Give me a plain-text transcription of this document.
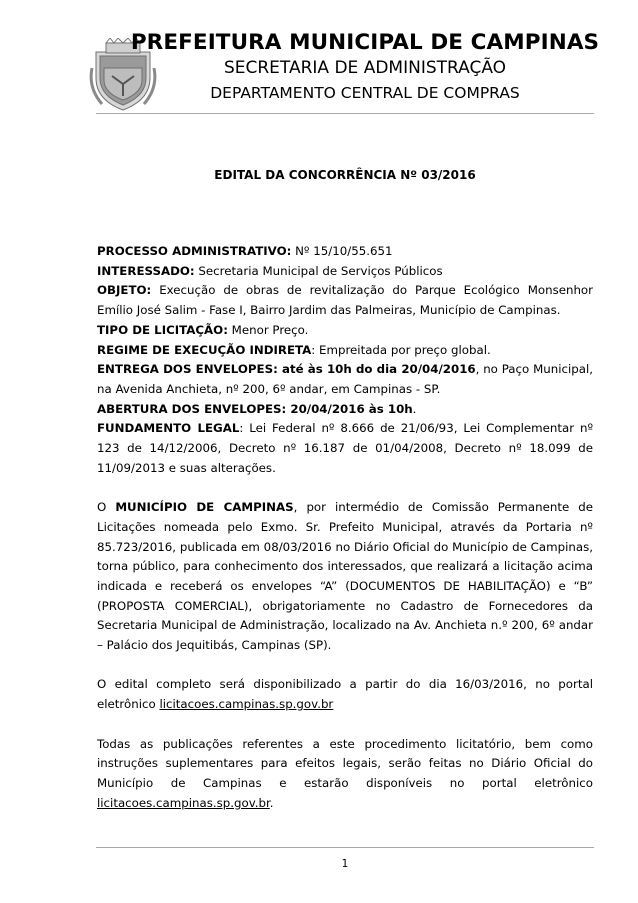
PREFEITURA MUNICIPAL DE CAMPINAS
SECRETARIA DE ADMINISTRAÇÃO
DEPARTAMENTO CENTRAL DE COMPRAS
EDITAL DA CONCORRÊNCIA Nº 03/2016

PROCESSO ADMINISTRATIVO: Nº 15/10/55.651

INTERESSADO: Secretaria Municipal de Serviços Públicos

OBJETO: Execução de obras de revitalização do Parque Ecológico Monsenhor Emílio José Salim - Fase I, Bairro Jardim das Palmeiras, Município de Campinas.

TIPO DE LICITAÇÃO: Menor Preço.

REGIME DE EXECUÇÃO INDIRETA: Empreitada por preço global.

ENTREGA DOS ENVELOPES: até às 10h do dia 20/04/2016, no Paço Municipal, na Avenida Anchieta, nº 200, 6º andar, em Campinas - SP.

ABERTURA DOS ENVELOPES: 20/04/2016 às 10h.

FUNDAMENTO LEGAL: Lei Federal nº 8.666 de 21/06/93, Lei Complementar nº 123 de 14/12/2006, Decreto nº 16.187 de 01/04/2008, Decreto nº 18.099 de 11/09/2013 e suas alterações.

O MUNICÍPIO DE CAMPINAS, por intermédio de Comissão Permanente de Licitações nomeada pelo Exmo. Sr. Prefeito Municipal, através da Portaria nº 85.723/2016, publicada em 08/03/2016 no Diário Oficial do Município de Campinas, torna público, para conhecimento dos interessados, que realizará a licitação acima indicada e receberá os envelopes “A” (DOCUMENTOS DE HABILITAÇÃO) e “B” (PROPOSTA COMERCIAL), obrigatoriamente no Cadastro de Fornecedores da Secretaria Municipal de Administração, localizado na Av. Anchieta n.º 200, 6º andar – Palácio dos Jequitibás, Campinas (SP).

O edital completo será disponibilizado a partir do dia 16/03/2016, no portal eletrônico licitacoes.campinas.sp.gov.br

Todas as publicações referentes a este procedimento licitatório, bem como instruções suplementares para efeitos legais, serão feitas no Diário Oficial do Município de Campinas e estarão disponíveis no portal eletrônico licitacoes.campinas.sp.gov.br.

1
